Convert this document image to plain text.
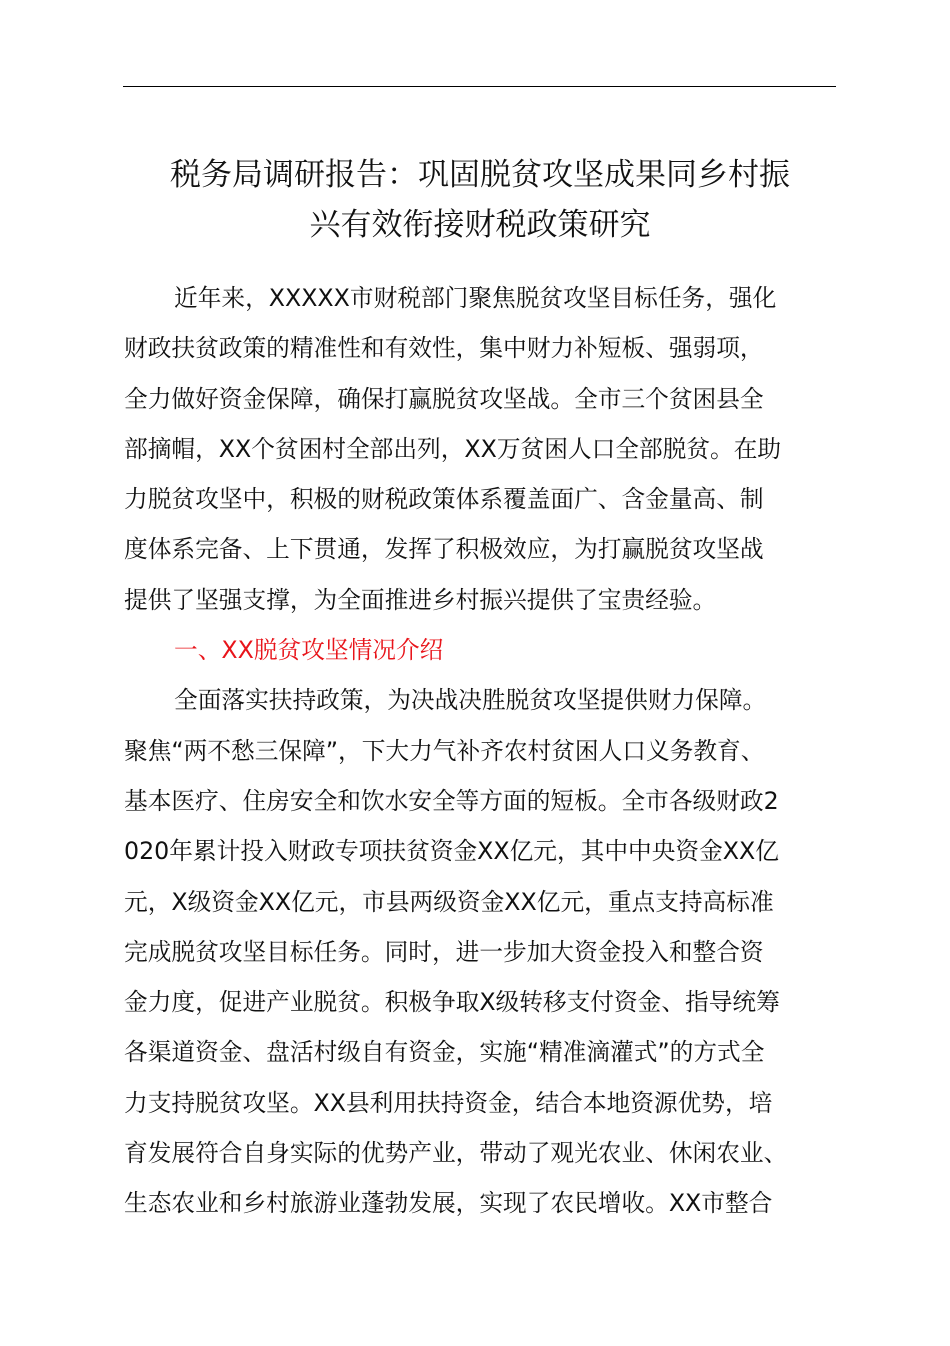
税务局调研报告：巩固脱贫攻坚成果同乡村振
兴有效衔接财税政策研究
近年来，XXXXX市财税部门聚焦脱贫攻坚目标任务，强化
财政扶贫政策的精准性和有效性，集中财力补短板、强弱项，
全力做好资金保障，确保打赢脱贫攻坚战。全市三个贫困县全
部摘帽，XX个贫困村全部出列，XX万贫困人口全部脱贫。在助
力脱贫攻坚中，积极的财税政策体系覆盖面广、含金量高、制
度体系完备、上下贯通，发挥了积极效应，为打赢脱贫攻坚战
提供了坚强支撑，为全面推进乡村振兴提供了宝贵经验。
一、XX脱贫攻坚情况介绍
全面落实扶持政策，为决战决胜脱贫攻坚提供财力保障。
聚焦“两不愁三保障”，下大力气补齐农村贫困人口义务教育、
基本医疗、住房安全和饮水安全等方面的短板。全市各级财政2
020年累计投入财政专项扶贫资金XX亿元，其中中央资金XX亿
元，X级资金XX亿元，市县两级资金XX亿元，重点支持高标准
完成脱贫攻坚目标任务。同时，进一步加大资金投入和整合资
金力度，促进产业脱贫。积极争取X级转移支付资金、指导统筹
各渠道资金、盘活村级自有资金，实施“精准滴灌式”的方式全
力支持脱贫攻坚。XX县利用扶持资金，结合本地资源优势，培
育发展符合自身实际的优势产业，带动了观光农业、休闲农业、
生态农业和乡村旅游业蓬勃发展，实现了农民增收。XX市整合
